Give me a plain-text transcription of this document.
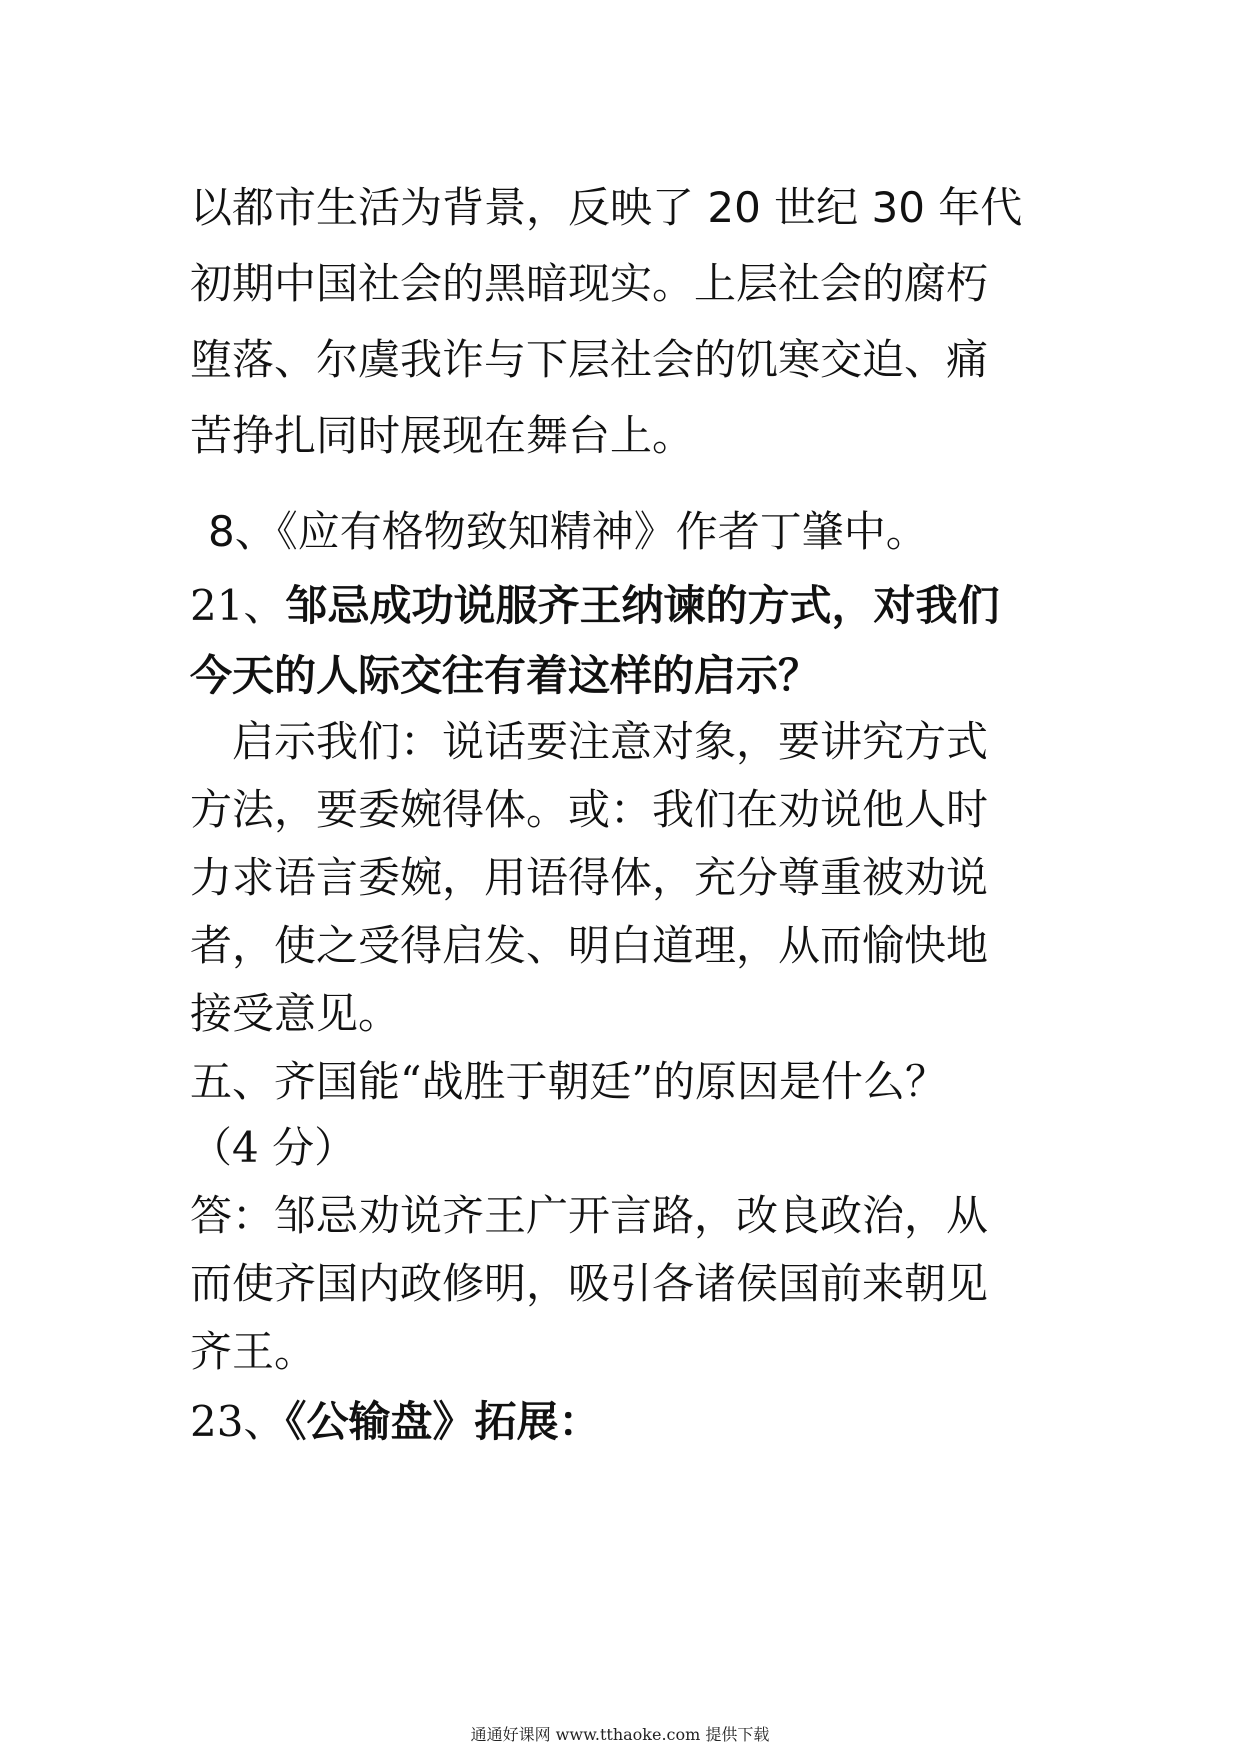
以都市生活为背景，反映了 20 世纪 30 年代
初期中国社会的黑暗现实。上层社会的腐朽
堕落、尔虞我诈与下层社会的饥寒交迫、痛
苦挣扎同时展现在舞台上。
8、《应有格物致知精神》作者丁肇中。
21、邹忌成功说服齐王纳谏的方式，对我们
今天的人际交往有着这样的启示？
启示我们：说话要注意对象，要讲究方式
方法，要委婉得体。或：我们在劝说他人时
力求语言委婉，用语得体，充分尊重被劝说
者，使之受得启发、明白道理，从而愉快地
接受意见。
五、齐国能“战胜于朝廷”的原因是什么？
（4 分）
答：邹忌劝说齐王广开言路，改良政治，从
而使齐国内政修明，吸引各诸侯国前来朝见
齐王。
23、《公输盘》拓展：
通通好课网 www.tthaoke.com 提供下载
